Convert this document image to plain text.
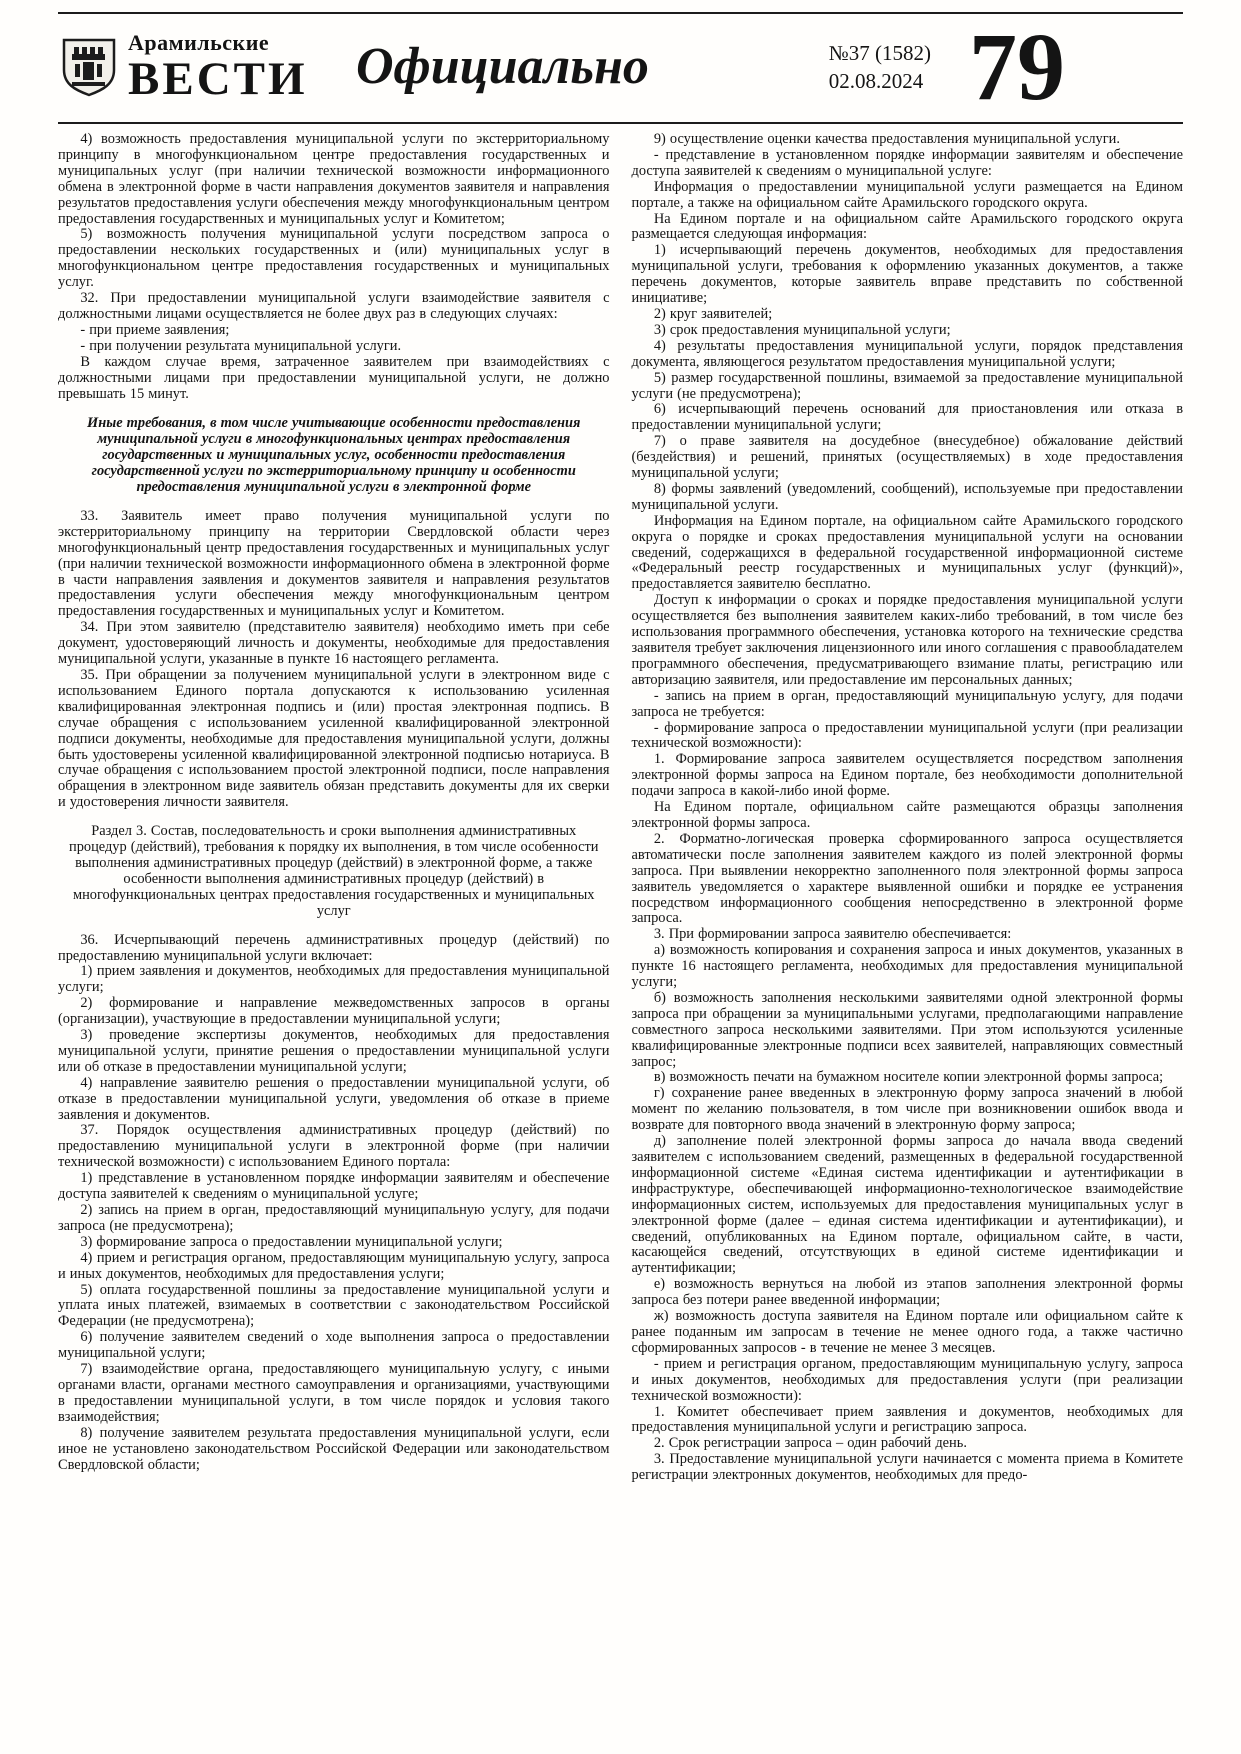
Арамильские
ВЕСТИ Официально	№37 (1582)
02.08.2024 79

4) возможность предоставления муниципальной услуги по экстерриториальному принципу в многофункциональном центре предоставления государственных и муниципальных услуг (при наличии технической возможности информационного обмена в электронной форме в части направления документов заявителя и направления результатов предоставления услуги обеспечения между многофункциональным центром предоставления государственных и муниципальных услуг и Комитетом;

5) возможность получения муниципальной услуги посредством запроса о предоставлении нескольких государственных и (или) муниципальных услуг в многофункциональном центре предоставления государственных и муниципальных услуг.

32. При предоставлении муниципальной услуги взаимодействие заявителя с должностными лицами осуществляется не более двух раз в следующих случаях:

- при приеме заявления;

- при получении результата муниципальной услуги.

В каждом случае время, затраченное заявителем при взаимодействиях с должностными лицами при предоставлении муниципальной услуги, не должно превышать 15 минут.

Иные требования, в том числе учитывающие особенности предоставления муниципальной услуги в многофункциональных центрах предоставления государственных и муниципальных услуг, особенности предоставления государственной услуги по экстерриториальному принципу и особенности предоставления муниципальной услуги в электронной форме

33. Заявитель имеет право получения муниципальной услуги по экстерриториальному принципу на территории Свердловской области через многофункциональный центр предоставления государственных и муниципальных услуг (при наличии технической возможности информационного обмена в электронной форме в части направления заявления и документов заявителя и направления результатов предоставления услуги обеспечения между многофункциональным центром предоставления государственных и муниципальных услуг и Комитетом.

34. При этом заявителю (представителю заявителя) необходимо иметь при себе документ, удостоверяющий личность и документы, необходимые для предоставления муниципальной услуги, указанные в пункте 16 настоящего регламента.

35. При обращении за получением муниципальной услуги в электронном виде с использованием Единого портала допускаются к использованию усиленная квалифицированная электронная подпись и (или) простая электронная подпись. В случае обращения с использованием усиленной квалифицированной электронной подписи документы, необходимые для предоставления муниципальной услуги, должны быть удостоверены усиленной квалифицированной электронной подписью нотариуса. В случае обращения с использованием простой электронной подписи, после направления обращения в электронном виде заявитель обязан представить документы для их сверки и удостоверения личности заявителя.

Раздел 3. Состав, последовательность и сроки выполнения административных процедур (действий), требования к порядку их выполнения, в том числе особенности выполнения административных процедур (действий) в электронной форме, а также особенности выполнения административных процедур (действий) в многофункциональных центрах предоставления государственных и муниципальных услуг

36. Исчерпывающий перечень административных процедур (действий) по предоставлению муниципальной услуги включает:

1) прием заявления и документов, необходимых для предоставления муниципальной услуги;

2) формирование и направление межведомственных запросов в органы (организации), участвующие в предоставлении муниципальной услуги;

3) проведение экспертизы документов, необходимых для предоставления муниципальной услуги, принятие решения о предоставлении муниципальной услуги или об отказе в предоставлении муниципальной услуги;

4) направление заявителю решения о предоставлении муниципальной услуги, об отказе в предоставлении муниципальной услуги, уведомления об отказе в приеме заявления и документов.

37. Порядок осуществления административных процедур (действий) по предоставлению муниципальной услуги в электронной форме (при наличии технической возможности) с использованием Единого портала:

1) представление в установленном порядке информации заявителям и обеспечение доступа заявителей к сведениям о муниципальной услуге;

2) запись на прием в орган, предоставляющий муниципальную услугу, для подачи запроса (не предусмотрена);

3) формирование запроса о предоставлении муниципальной услуги;

4) прием и регистрация органом, предоставляющим муниципальную услугу, запроса и иных документов, необходимых для предоставления услуги;

5) оплата государственной пошлины за предоставление муниципальной услуги и уплата иных платежей, взимаемых в соответствии с законодательством Российской Федерации (не предусмотрена);

6) получение заявителем сведений о ходе выполнения запроса о предоставлении муниципальной услуги;

7) взаимодействие органа, предоставляющего муниципальную услугу, с иными органами власти, органами местного самоуправления и организациями, участвующими в предоставлении муниципальной услуги, в том числе порядок и условия такого взаимодействия;

8) получение заявителем результата предоставления муниципальной услуги, если иное не установлено законодательством Российской Федерации или законодательством Свердловской области;

9) осуществление оценки качества предоставления муниципальной услуги.

- представление в установленном порядке информации заявителям и обеспечение доступа заявителей к сведениям о муниципальной услуге:

Информация о предоставлении муниципальной услуги размещается на Едином портале, а также на официальном сайте Арамильского городского округа.

На Едином портале и на официальном сайте Арамильского городского округа размещается следующая информация:

1) исчерпывающий перечень документов, необходимых для предоставления муниципальной услуги, требования к оформлению указанных документов, а также перечень документов, которые заявитель вправе представить по собственной инициативе;

2) круг заявителей;

3) срок предоставления муниципальной услуги;

4) результаты предоставления муниципальной услуги, порядок представления документа, являющегося результатом предоставления муниципальной услуги;

5) размер государственной пошлины, взимаемой за предоставление муниципальной услуги (не предусмотрена);

6) исчерпывающий перечень оснований для приостановления или отказа в предоставлении муниципальной услуги;

7) о праве заявителя на досудебное (внесудебное) обжалование действий (бездействия) и решений, принятых (осуществляемых) в ходе предоставления муниципальной услуги;

8) формы заявлений (уведомлений, сообщений), используемые при предоставлении муниципальной услуги.

Информация на Едином портале, на официальном сайте Арамильского городского округа о порядке и сроках предоставления муниципальной услуги на основании сведений, содержащихся в федеральной государственной информационной системе «Федеральный реестр государственных и муниципальных услуг (функций)», предоставляется заявителю бесплатно.

Доступ к информации о сроках и порядке предоставления муниципальной услуги осуществляется без выполнения заявителем каких-либо требований, в том числе без использования программного обеспечения, установка которого на технические средства заявителя требует заключения лицензионного или иного соглашения с правообладателем программного обеспечения, предусматривающего взимание платы, регистрацию или авторизацию заявителя, или предоставление им персональных данных;

- запись на прием в орган, предоставляющий муниципальную услугу, для подачи запроса не требуется:

- формирование запроса о предоставлении муниципальной услуги (при реализации технической возможности):

1. Формирование запроса заявителем осуществляется посредством заполнения электронной формы запроса на Едином портале, без необходимости дополнительной подачи запроса в какой-либо иной форме.

На Едином портале, официальном сайте размещаются образцы заполнения электронной формы запроса.

2. Форматно-логическая проверка сформированного запроса осуществляется автоматически после заполнения заявителем каждого из полей электронной формы запроса. При выявлении некорректно заполненного поля электронной формы запроса заявитель уведомляется о характере выявленной ошибки и порядке ее устранения посредством информационного сообщения непосредственно в электронной форме запроса.

3. При формировании запроса заявителю обеспечивается:

а) возможность копирования и сохранения запроса и иных документов, указанных в пункте 16 настоящего регламента, необходимых для предоставления муниципальной услуги;

б) возможность заполнения несколькими заявителями одной электронной формы запроса при обращении за муниципальными услугами, предполагающими направление совместного запроса несколькими заявителями. При этом используются усиленные квалифицированные электронные подписи всех заявителей, направляющих совместный запрос;

в) возможность печати на бумажном носителе копии электронной формы запроса;

г) сохранение ранее введенных в электронную форму запроса значений в любой момент по желанию пользователя, в том числе при возникновении ошибок ввода и возврате для повторного ввода значений в электронную форму запроса;

д) заполнение полей электронной формы запроса до начала ввода сведений заявителем с использованием сведений, размещенных в федеральной государственной информационной системе «Единая система идентификации и аутентификации в инфраструктуре, обеспечивающей информационно-технологическое взаимодействие информационных систем, используемых для предоставления муниципальных услуг в электронной форме (далее – единая система идентификации и аутентификации), и сведений, опубликованных на Едином портале, официальном сайте, в части, касающейся сведений, отсутствующих в единой системе идентификации и аутентификации;

е) возможность вернуться на любой из этапов заполнения электронной формы запроса без потери ранее введенной информации;

ж) возможность доступа заявителя на Едином портале или официальном сайте к ранее поданным им запросам в течение не менее одного года, а также частично сформированных запросов - в течение не менее 3 месяцев.

- прием и регистрация органом, предоставляющим муниципальную услугу, запроса и иных документов, необходимых для предоставления услуги (при реализации технической возможности):

1. Комитет обеспечивает прием заявления и документов, необходимых для предоставления муниципальной услуги и регистрацию запроса.

2. Срок регистрации запроса – один рабочий день.

3. Предоставление муниципальной услуги начинается с момента приема в Комитете регистрации электронных документов, необходимых для предо-
